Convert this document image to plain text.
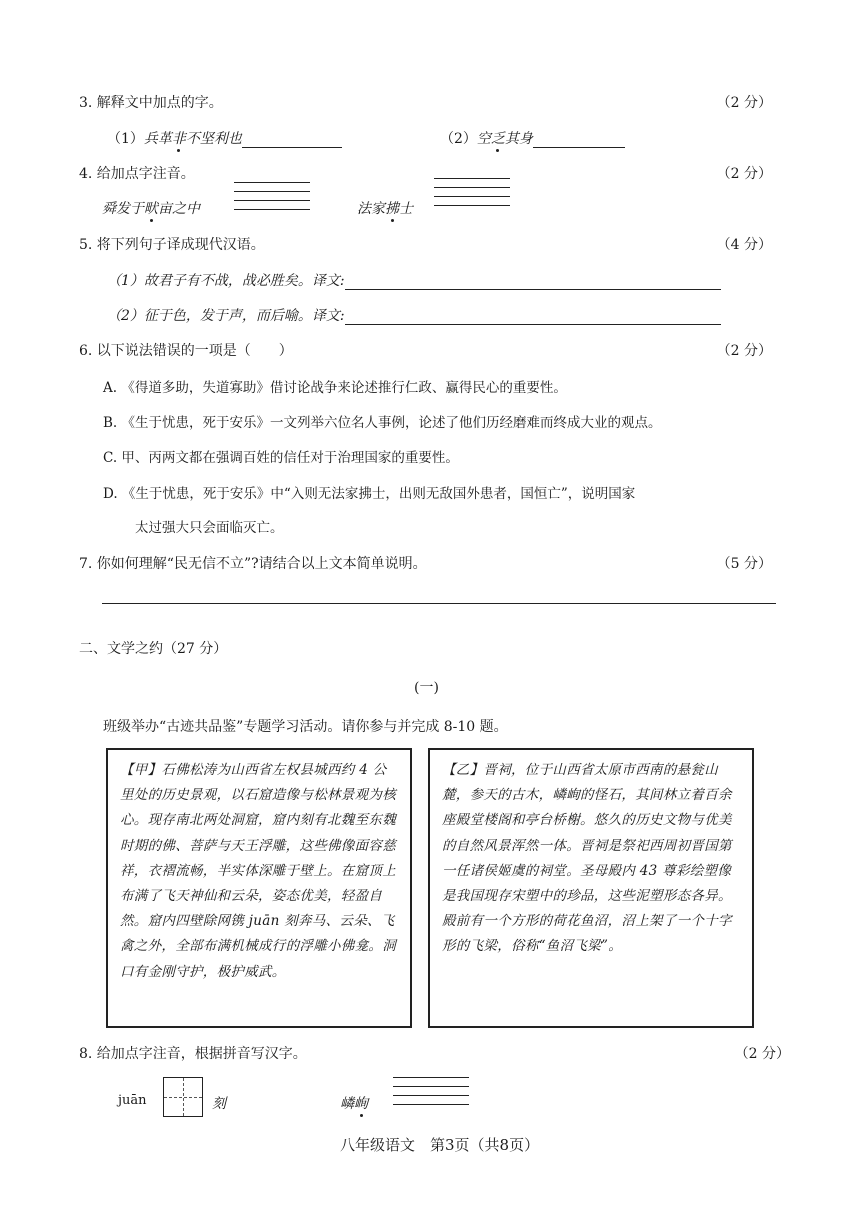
3. 解释文中加点的字。	（2 分）
（1）兵革非不坚利也	（2）空乏其身
4. 给加点字注音。	（2 分）
舜发于畎亩之中	法家拂士
5. 将下列句子译成现代汉语。	（4 分）
（1）故君子有不战，战必胜矣。译文:
（2）征于色，发于声，而后喻。译文:
6. 以下说法错误的一项是（　　）	（2 分）
A. 《得道多助，失道寡助》借讨论战争来论述推行仁政、赢得民心的重要性。
B. 《生于忧患，死于安乐》一文列举六位名人事例，论述了他们历经磨难而终成大业的观点。
C. 甲、丙两文都在强调百姓的信任对于治理国家的重要性。
D. 《生于忧患，死于安乐》中“入则无法家拂士，出则无敌国外患者，国恒亡”，说明国家
太过强大只会面临灭亡。
7. 你如何理解“民无信不立”?请结合以上文本简单说明。	（5 分）
二、文学之约（27 分）
(一)
班级举办“古迹共品鉴”专题学习活动。请你参与并完成 8-10 题。
【甲】石佛松涛为山西省左权县城西约 4 公里处的历史景观，以石窟造像与松林景观为核心。现存南北两处洞窟，窟内刻有北魏至东魏时期的佛、菩萨与天王浮雕，这些佛像面容慈祥，衣褶流畅，半实体深雕于壁上。在窟顶上布满了飞天神仙和云朵，姿态优美，轻盈自然。窟内四壁除网镌 juān 刻奔马、云朵、飞禽之外，全部布满机械成行的浮雕小佛龛。洞口有金刚守护，极护威武。
【乙】晋祠，位于山西省太原市西南的悬瓮山麓，参天的古木，嶙峋的怪石，其间林立着百余座殿堂楼阁和亭台桥榭。悠久的历史文物与优美的自然风景浑然一体。晋祠是祭祀西周初晋国第一任诸侯姬虞的祠堂。圣母殿内 43 尊彩绘塑像是我国现存宋塑中的珍品，这些泥塑形态各异。殿前有一个方形的荷花鱼沼，沼上架了一个十字形的飞梁，俗称“鱼沼飞梁”。
8. 给加点字注音，根据拼音写汉字。	（2 分）
juān	刻	嶙峋
八年级语文　第3页（共8页）
